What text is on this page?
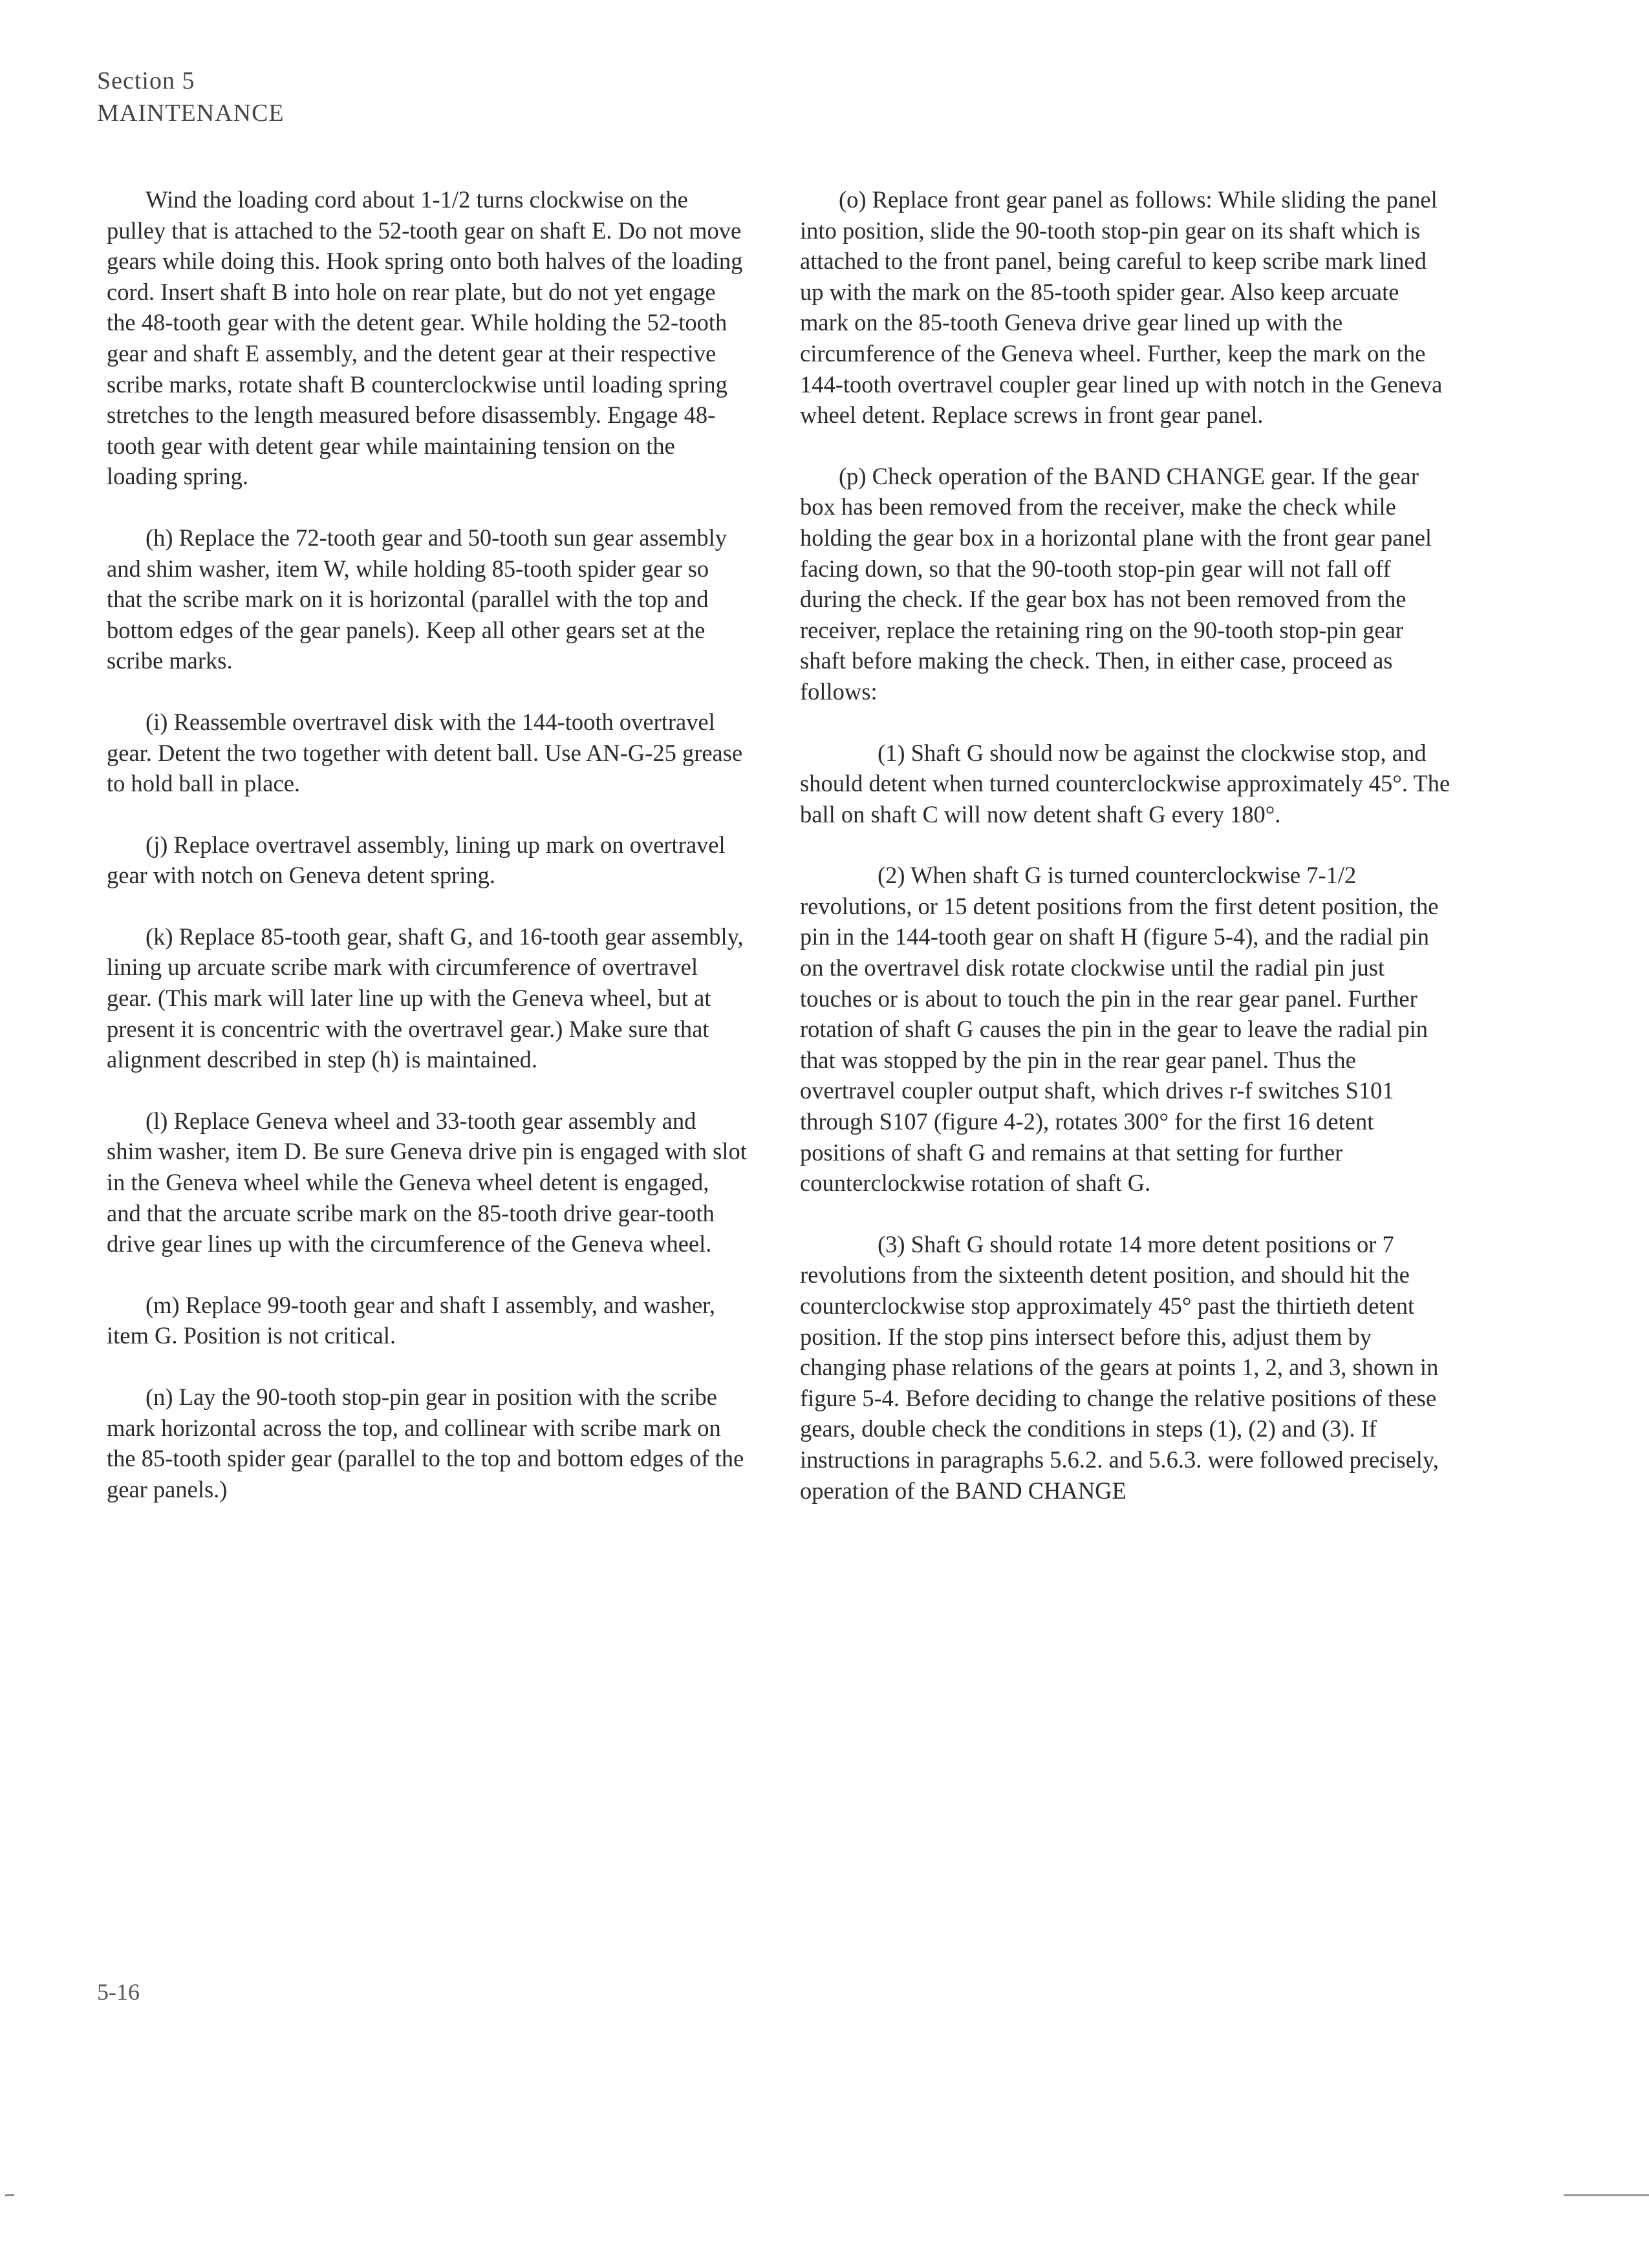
Section 5
MAINTENANCE

Wind the loading cord about 1-1/2 turns clockwise on the pulley that is attached to the 52-tooth gear on shaft E. Do not move gears while doing this. Hook spring onto both halves of the loading cord. Insert shaft B into hole on rear plate, but do not yet engage the 48-tooth gear with the detent gear. While holding the 52-tooth gear and shaft E assembly, and the detent gear at their respective scribe marks, rotate shaft B counterclockwise until loading spring stretches to the length measured before disassembly. Engage 48-tooth gear with detent gear while maintaining tension on the loading spring.

(h) Replace the 72-tooth gear and 50-tooth sun gear assembly and shim washer, item W, while holding 85-tooth spider gear so that the scribe mark on it is horizontal (parallel with the top and bottom edges of the gear panels). Keep all other gears set at the scribe marks.

(i) Reassemble overtravel disk with the 144-tooth overtravel gear. Detent the two together with detent ball. Use AN-G-25 grease to hold ball in place.

(j) Replace overtravel assembly, lining up mark on overtravel gear with notch on Geneva detent spring.

(k) Replace 85-tooth gear, shaft G, and 16-tooth gear assembly, lining up arcuate scribe mark with circumference of overtravel gear. (This mark will later line up with the Geneva wheel, but at present it is concentric with the overtravel gear.) Make sure that alignment described in step (h) is maintained.

(l) Replace Geneva wheel and 33-tooth gear assembly and shim washer, item D. Be sure Geneva drive pin is engaged with slot in the Geneva wheel while the Geneva wheel detent is engaged, and that the arcuate scribe mark on the 85-tooth drive gear-tooth drive gear lines up with the circumference of the Geneva wheel.

(m) Replace 99-tooth gear and shaft I assembly, and washer, item G. Position is not critical.

(n) Lay the 90-tooth stop-pin gear in position with the scribe mark horizontal across the top, and collinear with scribe mark on the 85-tooth spider gear (parallel to the top and bottom edges of the gear panels.)

(o) Replace front gear panel as follows: While sliding the panel into position, slide the 90-tooth stop-pin gear on its shaft which is attached to the front panel, being careful to keep scribe mark lined up with the mark on the 85-tooth spider gear. Also keep arcuate mark on the 85-tooth Geneva drive gear lined up with the circumference of the Geneva wheel. Further, keep the mark on the 144-tooth overtravel coupler gear lined up with notch in the Geneva wheel detent. Replace screws in front gear panel.

(p) Check operation of the BAND CHANGE gear. If the gear box has been removed from the receiver, make the check while holding the gear box in a horizontal plane with the front gear panel facing down, so that the 90-tooth stop-pin gear will not fall off during the check. If the gear box has not been removed from the receiver, replace the retaining ring on the 90-tooth stop-pin gear shaft before making the check. Then, in either case, proceed as follows:

(1) Shaft G should now be against the clockwise stop, and should detent when turned counterclockwise approximately 45°. The ball on shaft C will now detent shaft G every 180°.

(2) When shaft G is turned counterclockwise 7-1/2 revolutions, or 15 detent positions from the first detent position, the pin in the 144-tooth gear on shaft H (figure 5-4), and the radial pin on the overtravel disk rotate clockwise until the radial pin just touches or is about to touch the pin in the rear gear panel. Further rotation of shaft G causes the pin in the gear to leave the radial pin that was stopped by the pin in the rear gear panel. Thus the overtravel coupler output shaft, which drives r-f switches S101 through S107 (figure 4-2), rotates 300° for the first 16 detent positions of shaft G and remains at that setting for further counterclockwise rotation of shaft G.

(3) Shaft G should rotate 14 more detent positions or 7 revolutions from the sixteenth detent position, and should hit the counterclockwise stop approximately 45° past the thirtieth detent position. If the stop pins intersect before this, adjust them by changing phase relations of the gears at points 1, 2, and 3, shown in figure 5-4. Before deciding to change the relative positions of these gears, double check the conditions in steps (1), (2) and (3). If instructions in paragraphs 5.6.2. and 5.6.3. were followed precisely, operation of the BAND CHANGE

5-16
